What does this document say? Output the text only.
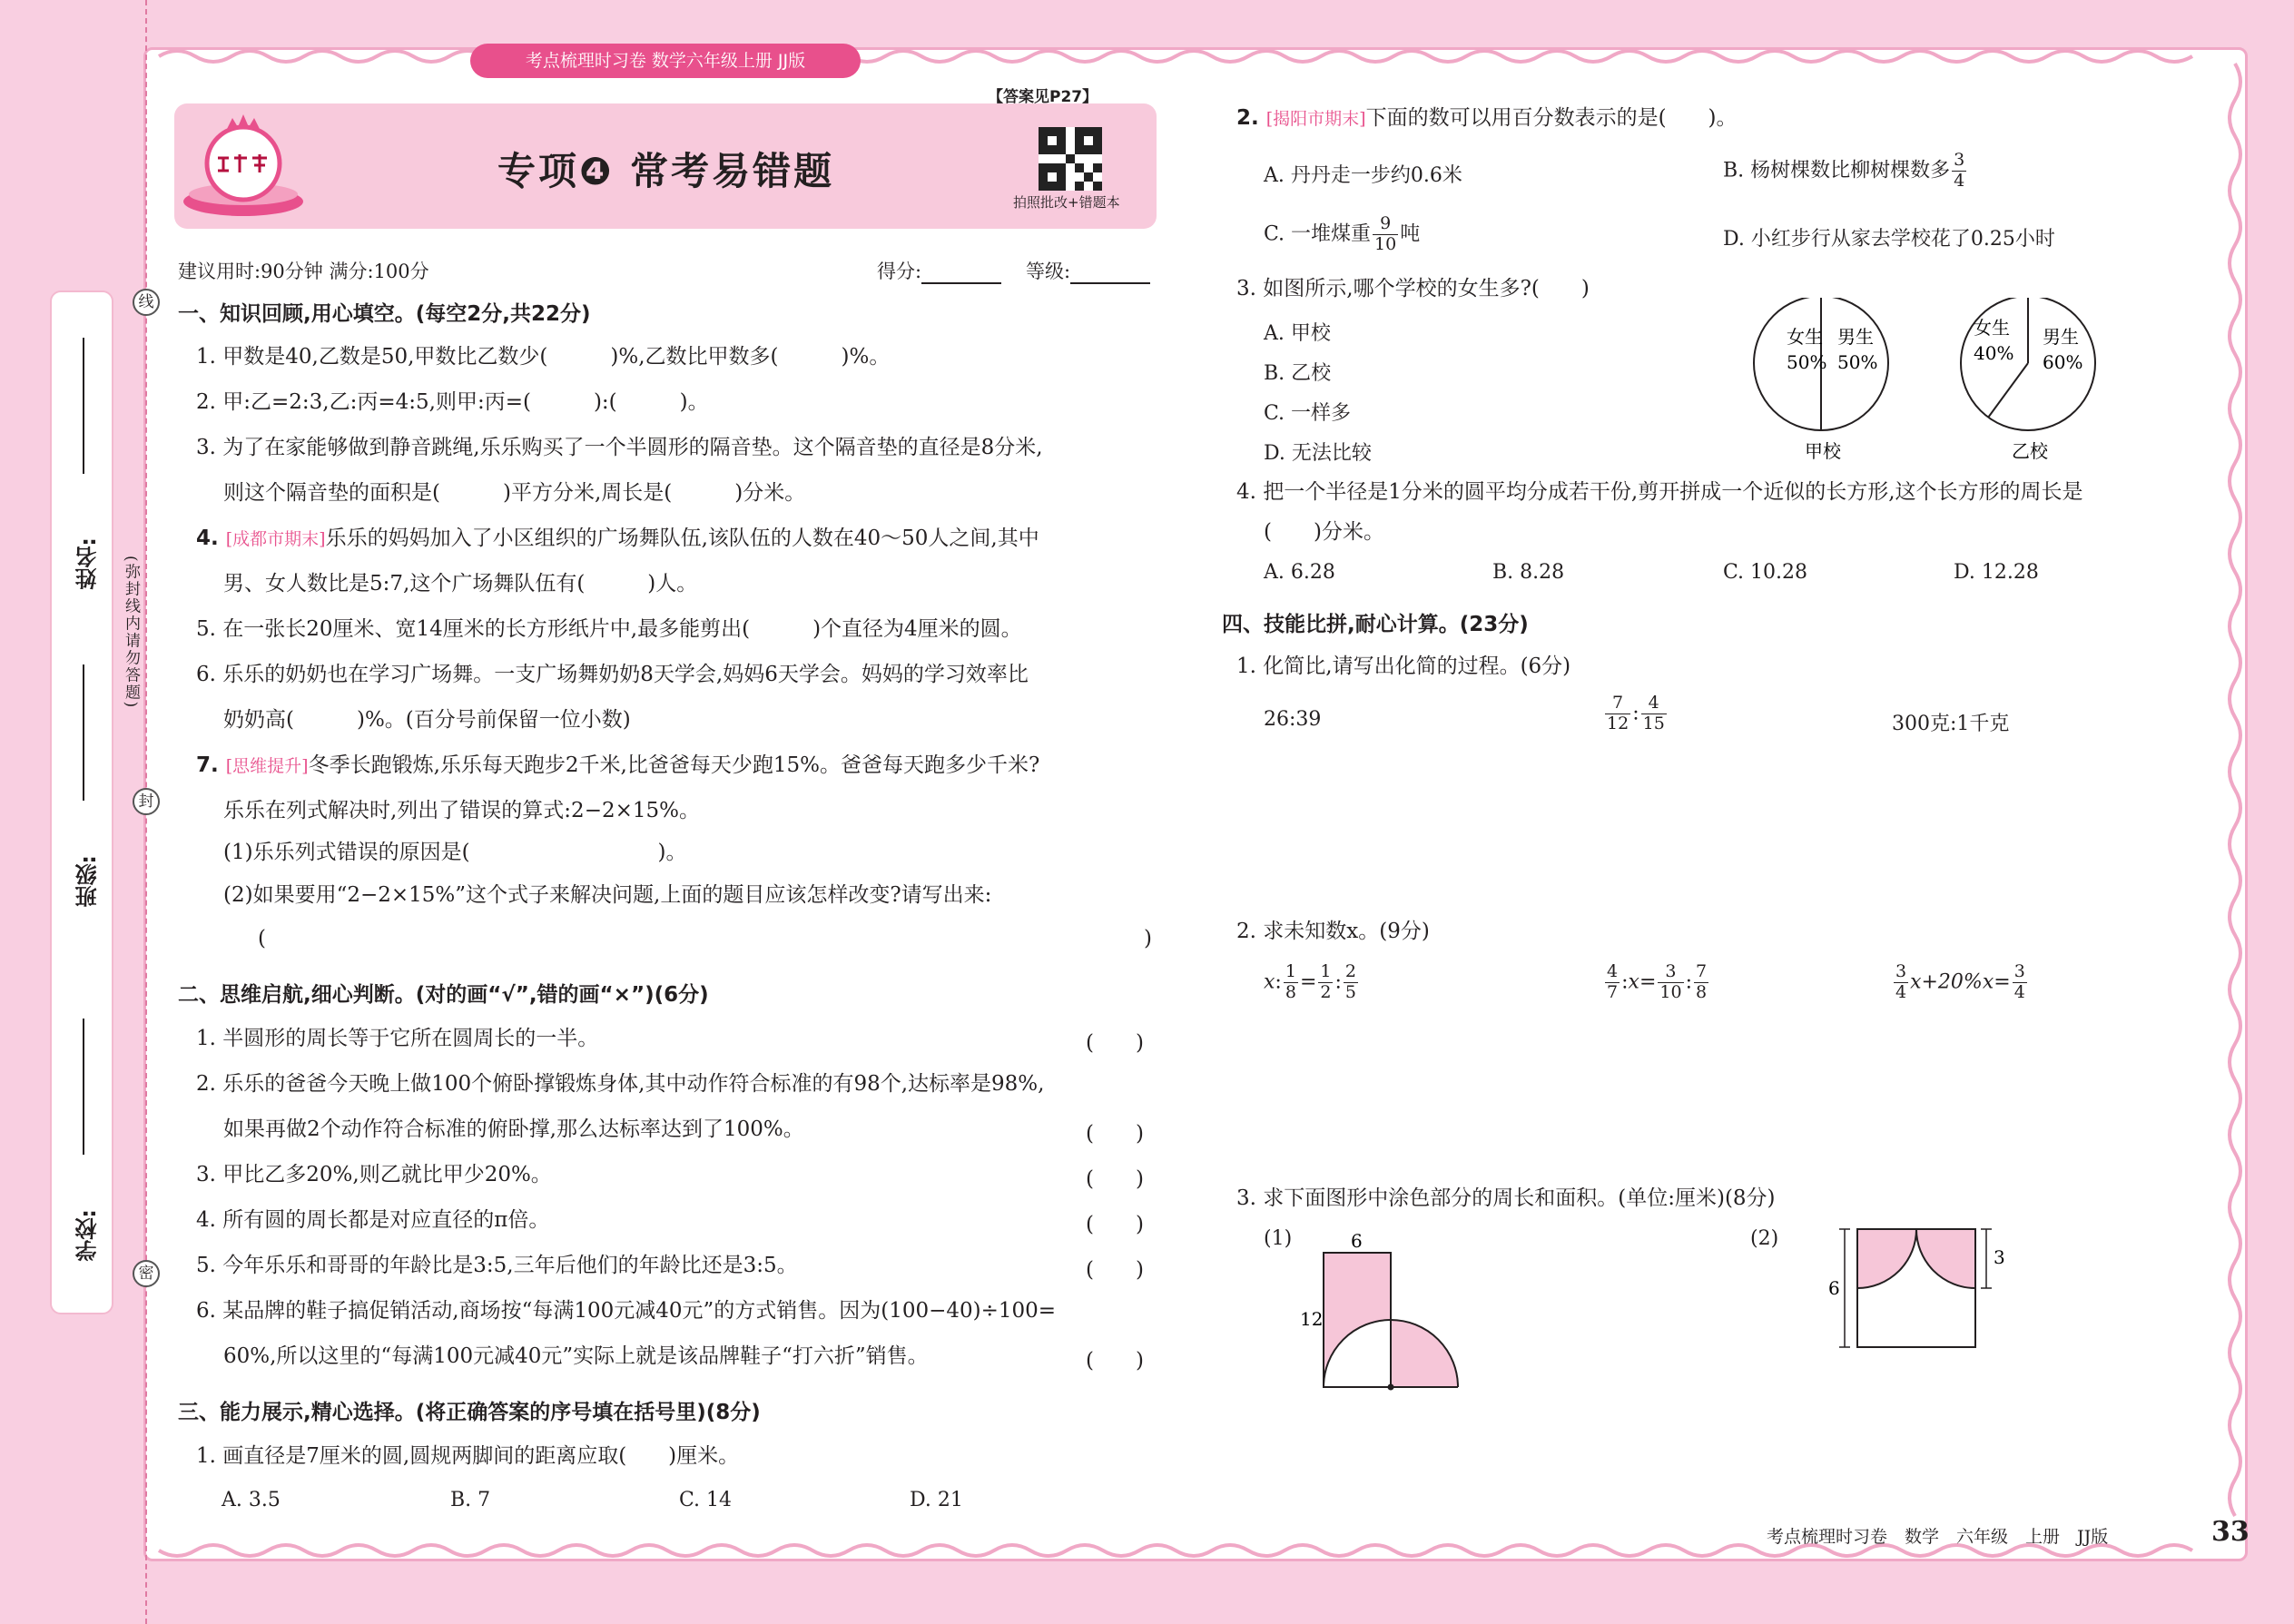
考点梳理时习卷 数学六年级上册 JJ版
线
封
密
(弥封线内请勿答题)
姓名:
班级:
学校:
专项❹ 常考易错题
【答案见P27】
拍照批改+错题本
建议用时:90分钟 满分:100分	得分:	等级:
一、知识回顾,用心填空。(每空2分,共22分)
1. 甲数是40,乙数是50,甲数比乙数少(　　　)%,乙数比甲数多(　　　)%。
2. 甲:乙=2:3,乙:丙=4:5,则甲:丙=(　　　):(　　　)。
3. 为了在家能够做到静音跳绳,乐乐购买了一个半圆形的隔音垫。这个隔音垫的直径是8分米,
则这个隔音垫的面积是(　　　)平方分米,周长是(　　　)分米。
4. [成都市期末]乐乐的妈妈加入了小区组织的广场舞队伍,该队伍的人数在40～50人之间,其中
男、女人数比是5:7,这个广场舞队伍有(　　　)人。
5. 在一张长20厘米、宽14厘米的长方形纸片中,最多能剪出(　　　)个直径为4厘米的圆。
6. 乐乐的奶奶也在学习广场舞。一支广场舞奶奶8天学会,妈妈6天学会。妈妈的学习效率比
奶奶高(　　　)%。(百分号前保留一位小数)
7. [思维提升]冬季长跑锻炼,乐乐每天跑步2千米,比爸爸每天少跑15%。爸爸每天跑多少千米?
乐乐在列式解决时,列出了错误的算式:2−2×15%。
(1)乐乐列式错误的原因是(　　　　　　　　　)。
(2)如果要用“2−2×15%”这个式子来解决问题,上面的题目应该怎样改变?请写出来:
(	)
二、思维启航,细心判断。(对的画“√”,错的画“×”)(6分)
1. 半圆形的周长等于它所在圆周长的一半。	(　　)
2. 乐乐的爸爸今天晚上做100个俯卧撑锻炼身体,其中动作符合标准的有98个,达标率是98%,
如果再做2个动作符合标准的俯卧撑,那么达标率达到了100%。	(　　)
3. 甲比乙多20%,则乙就比甲少20%。	(　　)
4. 所有圆的周长都是对应直径的π倍。	(　　)
5. 今年乐乐和哥哥的年龄比是3:5,三年后他们的年龄比还是3:5。	(　　)
6. 某品牌的鞋子搞促销活动,商场按“每满100元减40元”的方式销售。因为(100−40)÷100=
60%,所以这里的“每满100元减40元”实际上就是该品牌鞋子“打六折”销售。	(　　)
三、能力展示,精心选择。(将正确答案的序号填在括号里)(8分)
1. 画直径是7厘米的圆,圆规两脚间的距离应取(　　)厘米。
A. 3.5	B. 7	C. 14	D. 21
2. [揭阳市期末]下面的数可以用百分数表示的是(　　)。
A. 丹丹走一步约0.6米	B. 杨树棵数比柳树棵数多 $\frac{3}{4}$
C. 一堆煤重 $\frac{9}{10}$ 吨	D. 小红步行从家去学校花了0.25小时
3. 如图所示,哪个学校的女生多?(　　)
A. 甲校
B. 乙校
C. 一样多
D. 无法比较
女生
50%
男生
50%
女生
40%
男生
60%
甲校	乙校
4. 把一个半径是1分米的圆平均分成若干份,剪开拼成一个近似的长方形,这个长方形的周长是
(　　)分米。
A. 6.28	B. 8.28	C. 10.28	D. 12.28
四、技能比拼,耐心计算。(23分)
1. 化简比,请写出化简的过程。(6分)
26:39	$\frac{7}{12}$ : $\frac{4}{15}$	300克:1千克
2. 求未知数x。(9分)
x: $\frac{1}{8} = \frac{1}{2}$ : $\frac{2}{5}$	$\frac{4}{7}$ :x= $\frac{3}{10}$ : $\frac{7}{8}$	$\frac{3}{4} x+20\%x= \frac{3}{4}$
3. 求下面图形中涂色部分的周长和面积。(单位:厘米)(8分)
(1)	(2)
6
12
6
3
考点梳理时习卷　数学　六年级　上册　JJ版	33
